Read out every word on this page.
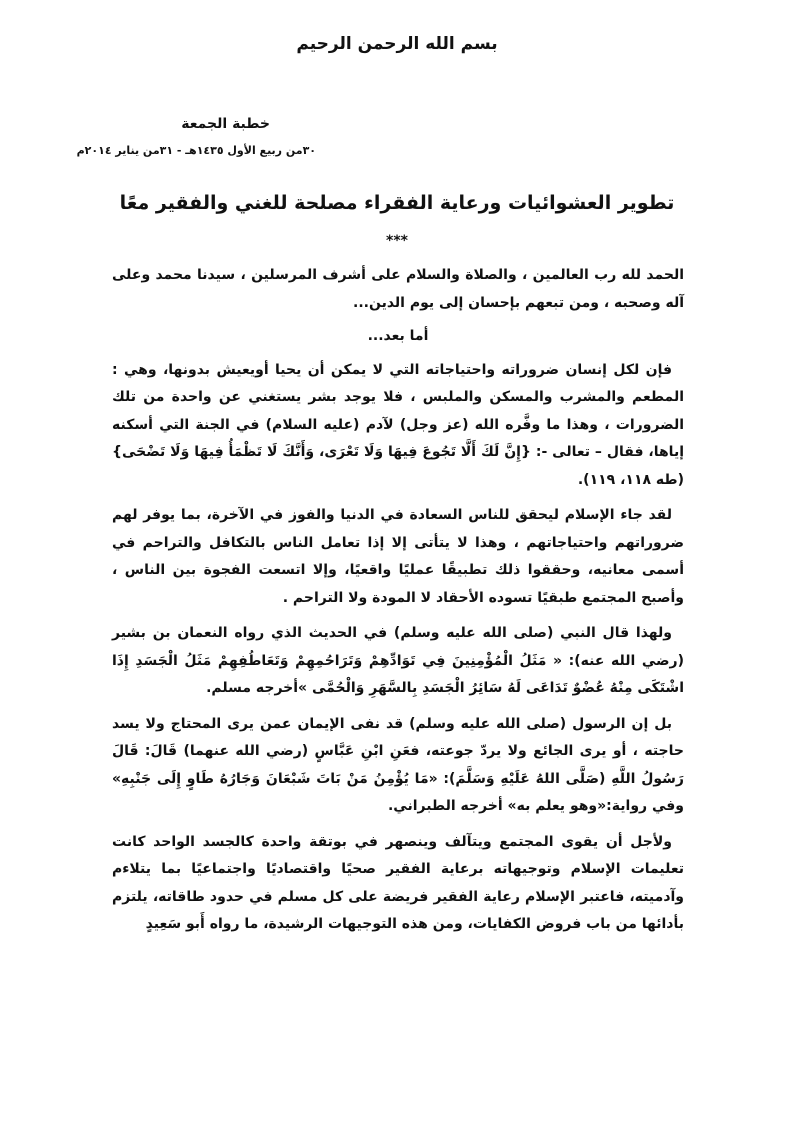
بسم الله الرحمن الرحيم
خطبة الجمعة
٣٠من ربيع الأول ١٤٣٥هـ - ٣١من يناير ٢٠١٤م
تطوير العشوائيات ورعاية الفقراء مصلحة للغني والفقير معًا
***

الحمد لله رب العالمين ، والصلاة والسلام على أشرف المرسلين ، سيدنا محمد وعلى آله وصحبه ، ومن تبعهم بإحسان إلى يوم الدين...

أما بعد...

فإن لكل إنسان ضروراته واحتياجاته التي لا يمكن أن يحيا أويعيش بدونها، وهي : المطعم والمشرب والمسكن والملبس ، فلا يوجد بشر يستغني عن واحدة من تلك الضرورات ، وهذا ما وفَّره الله (عز وجل) لآدم (عليه السلام) في الجنة التي أسكنه إياها، فقال – تعالى -: {إِنَّ لَكَ أَلَّا تَجُوعَ فِيهَا وَلَا تَعْرَى، وَأَنَّكَ لَا تَظْمَأُ فِيهَا وَلَا تَضْحَى} (طه ١١٨، ١١٩).

لقد جاء الإسلام ليحقق للناس السعادة في الدنيا والفوز في الآخرة، بما يوفر لهم ضروراتهم واحتياجاتهم ، وهذا لا يتأتى إلا إذا تعامل الناس بالتكافل والتراحم في أسمى معانيه، وحققوا ذلك تطبيقًا عمليًا واقعيًا، وإلا اتسعت الفجوة بين الناس ، وأصبح المجتمع طبقيًا تسوده الأحقاد لا المودة ولا التراحم .

ولهذا قال النبي (صلى الله عليه وسلم) في الحديث الذي رواه النعمان بن بشير (رضي الله عنه): « مَثَلُ الْمُؤْمِنِينَ فِي تَوَادِّهِمْ وَتَرَاحُمِهِمْ وَتَعَاطُفِهِمْ مَثَلُ الْجَسَدِ إِذَا اشْتَكَى مِنْهُ عُضْوٌ تَدَاعَى لَهُ سَائِرُ الْجَسَدِ بِالسَّهَرِ وَالْحُمَّى »أخرجه مسلم.

بل إن الرسول (صلى الله عليه وسلم) قد نفى الإيمان عمن يرى المحتاج ولا يسد حاجته ، أو يرى الجائع ولا يردّ جوعته، فعَنِ ابْنِ عَبَّاسٍ (رضي الله عنهما) قَالَ: قَالَ رَسُولُ اللَّهِ (صَلَّى اللهُ عَلَيْهِ وَسَلَّمَ): «مَا يُؤْمِنُ مَنْ بَاتَ شَبْعَانَ وَجَارُهُ طَاوٍ إِلَى جَنْبِهِ» وفي رواية:«وهو يعلم به» أخرجه الطبراني.

ولأجل أن يقوى المجتمع ويتآلف وينصهر في بوتقة واحدة كالجسد الواحد كانت تعليمات الإسلام وتوجيهاته برعاية الفقير صحيًا واقتصاديًا واجتماعيًا بما يتلاءم وآدميته، فاعتبر الإسلام رعاية الفقير فريضة على كل مسلم في حدود طاقاته، يلتزم بأدائها من باب فروض الكفايات، ومن هذه التوجيهات الرشيدة، ما رواه أَبو سَعِيدٍ
